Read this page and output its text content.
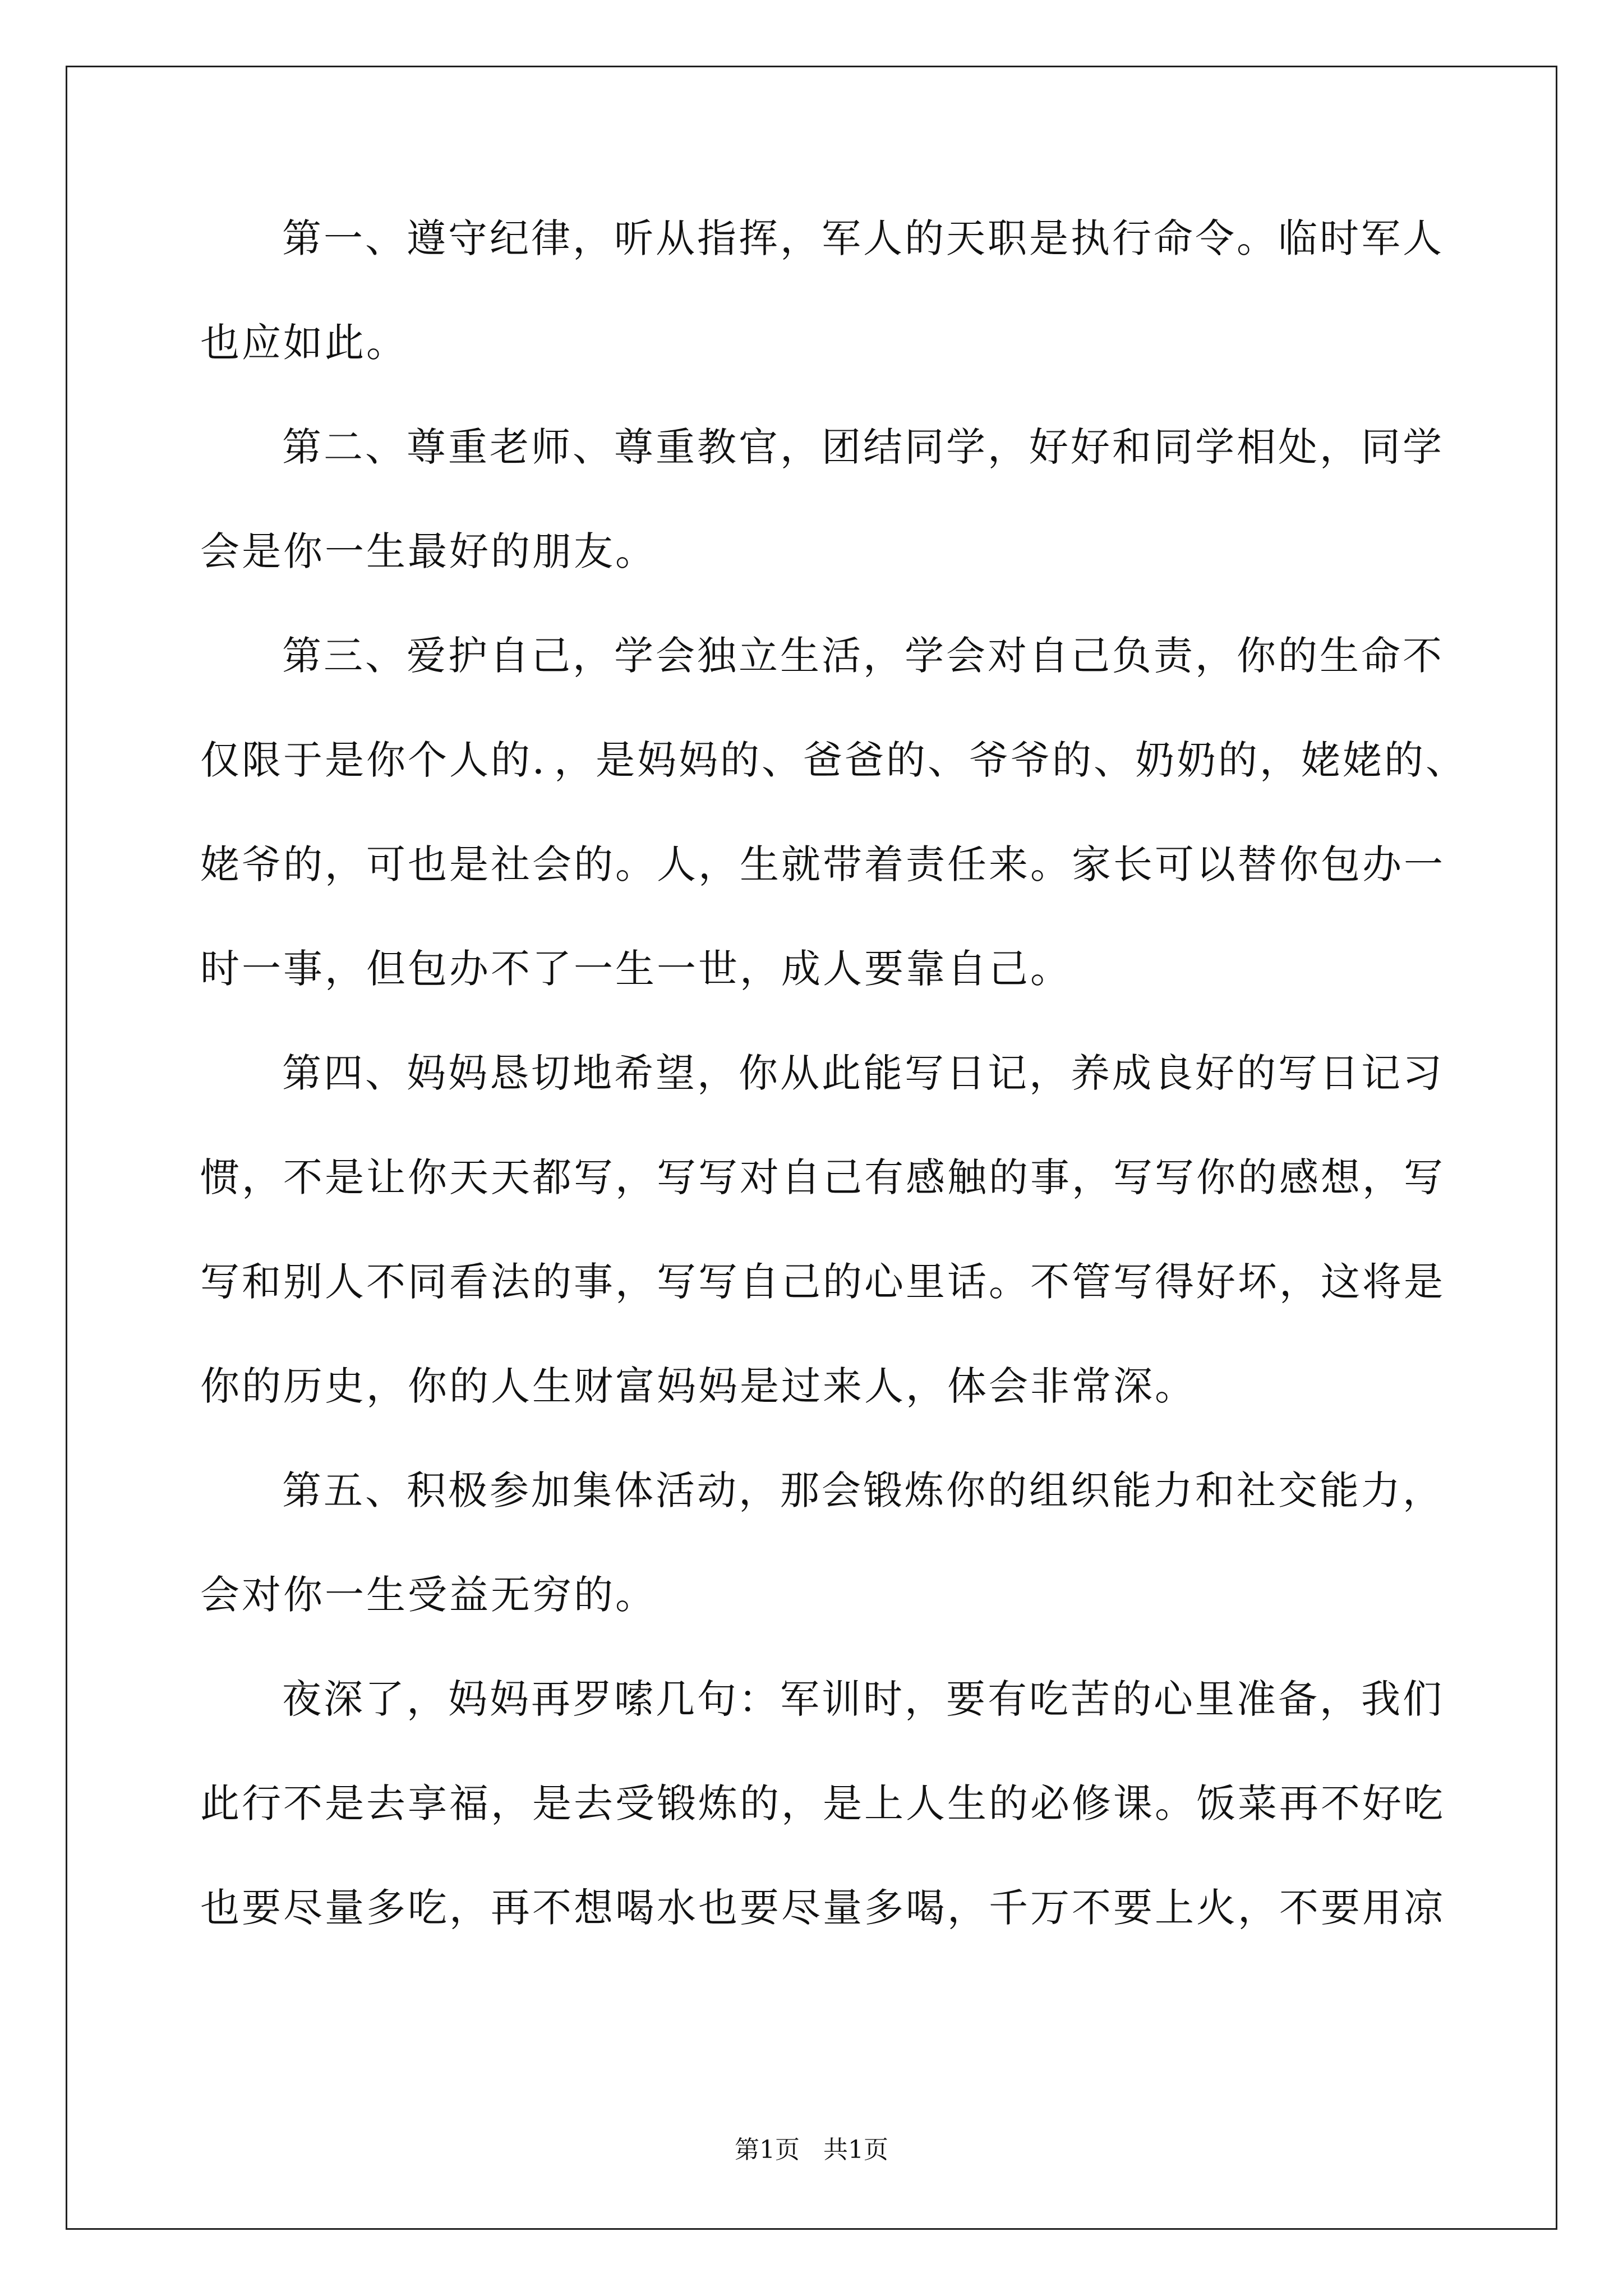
第一、遵守纪律，听从指挥，军人的天职是执行命令。临时军人
也应如此。
第二、尊重老师、尊重教官，团结同学，好好和同学相处，同学
会是你一生最好的朋友。
第三、爱护自己，学会独立生活，学会对自己负责，你的生命不
仅限于是你个人的．，是妈妈的、爸爸的、爷爷的、奶奶的，姥姥的、
姥爷的，可也是社会的。人，生就带着责任来。家长可以替你包办一
时一事，但包办不了一生一世，成人要靠自己。
第四、妈妈恳切地希望，你从此能写日记，养成良好的写日记习
惯，不是让你天天都写，写写对自己有感触的事，写写你的感想，写
写和别人不同看法的事，写写自己的心里话。不管写得好坏，这将是
你的历史，你的人生财富妈妈是过来人，体会非常深。
第五、积极参加集体活动，那会锻炼你的组织能力和社交能力，
会对你一生受益无穷的。
夜深了，妈妈再罗嗦几句：军训时，要有吃苦的心里准备，我们
此行不是去享福，是去受锻炼的，是上人生的必修课。饭菜再不好吃
也要尽量多吃，再不想喝水也要尽量多喝，千万不要上火，不要用凉
第1页   共1页
